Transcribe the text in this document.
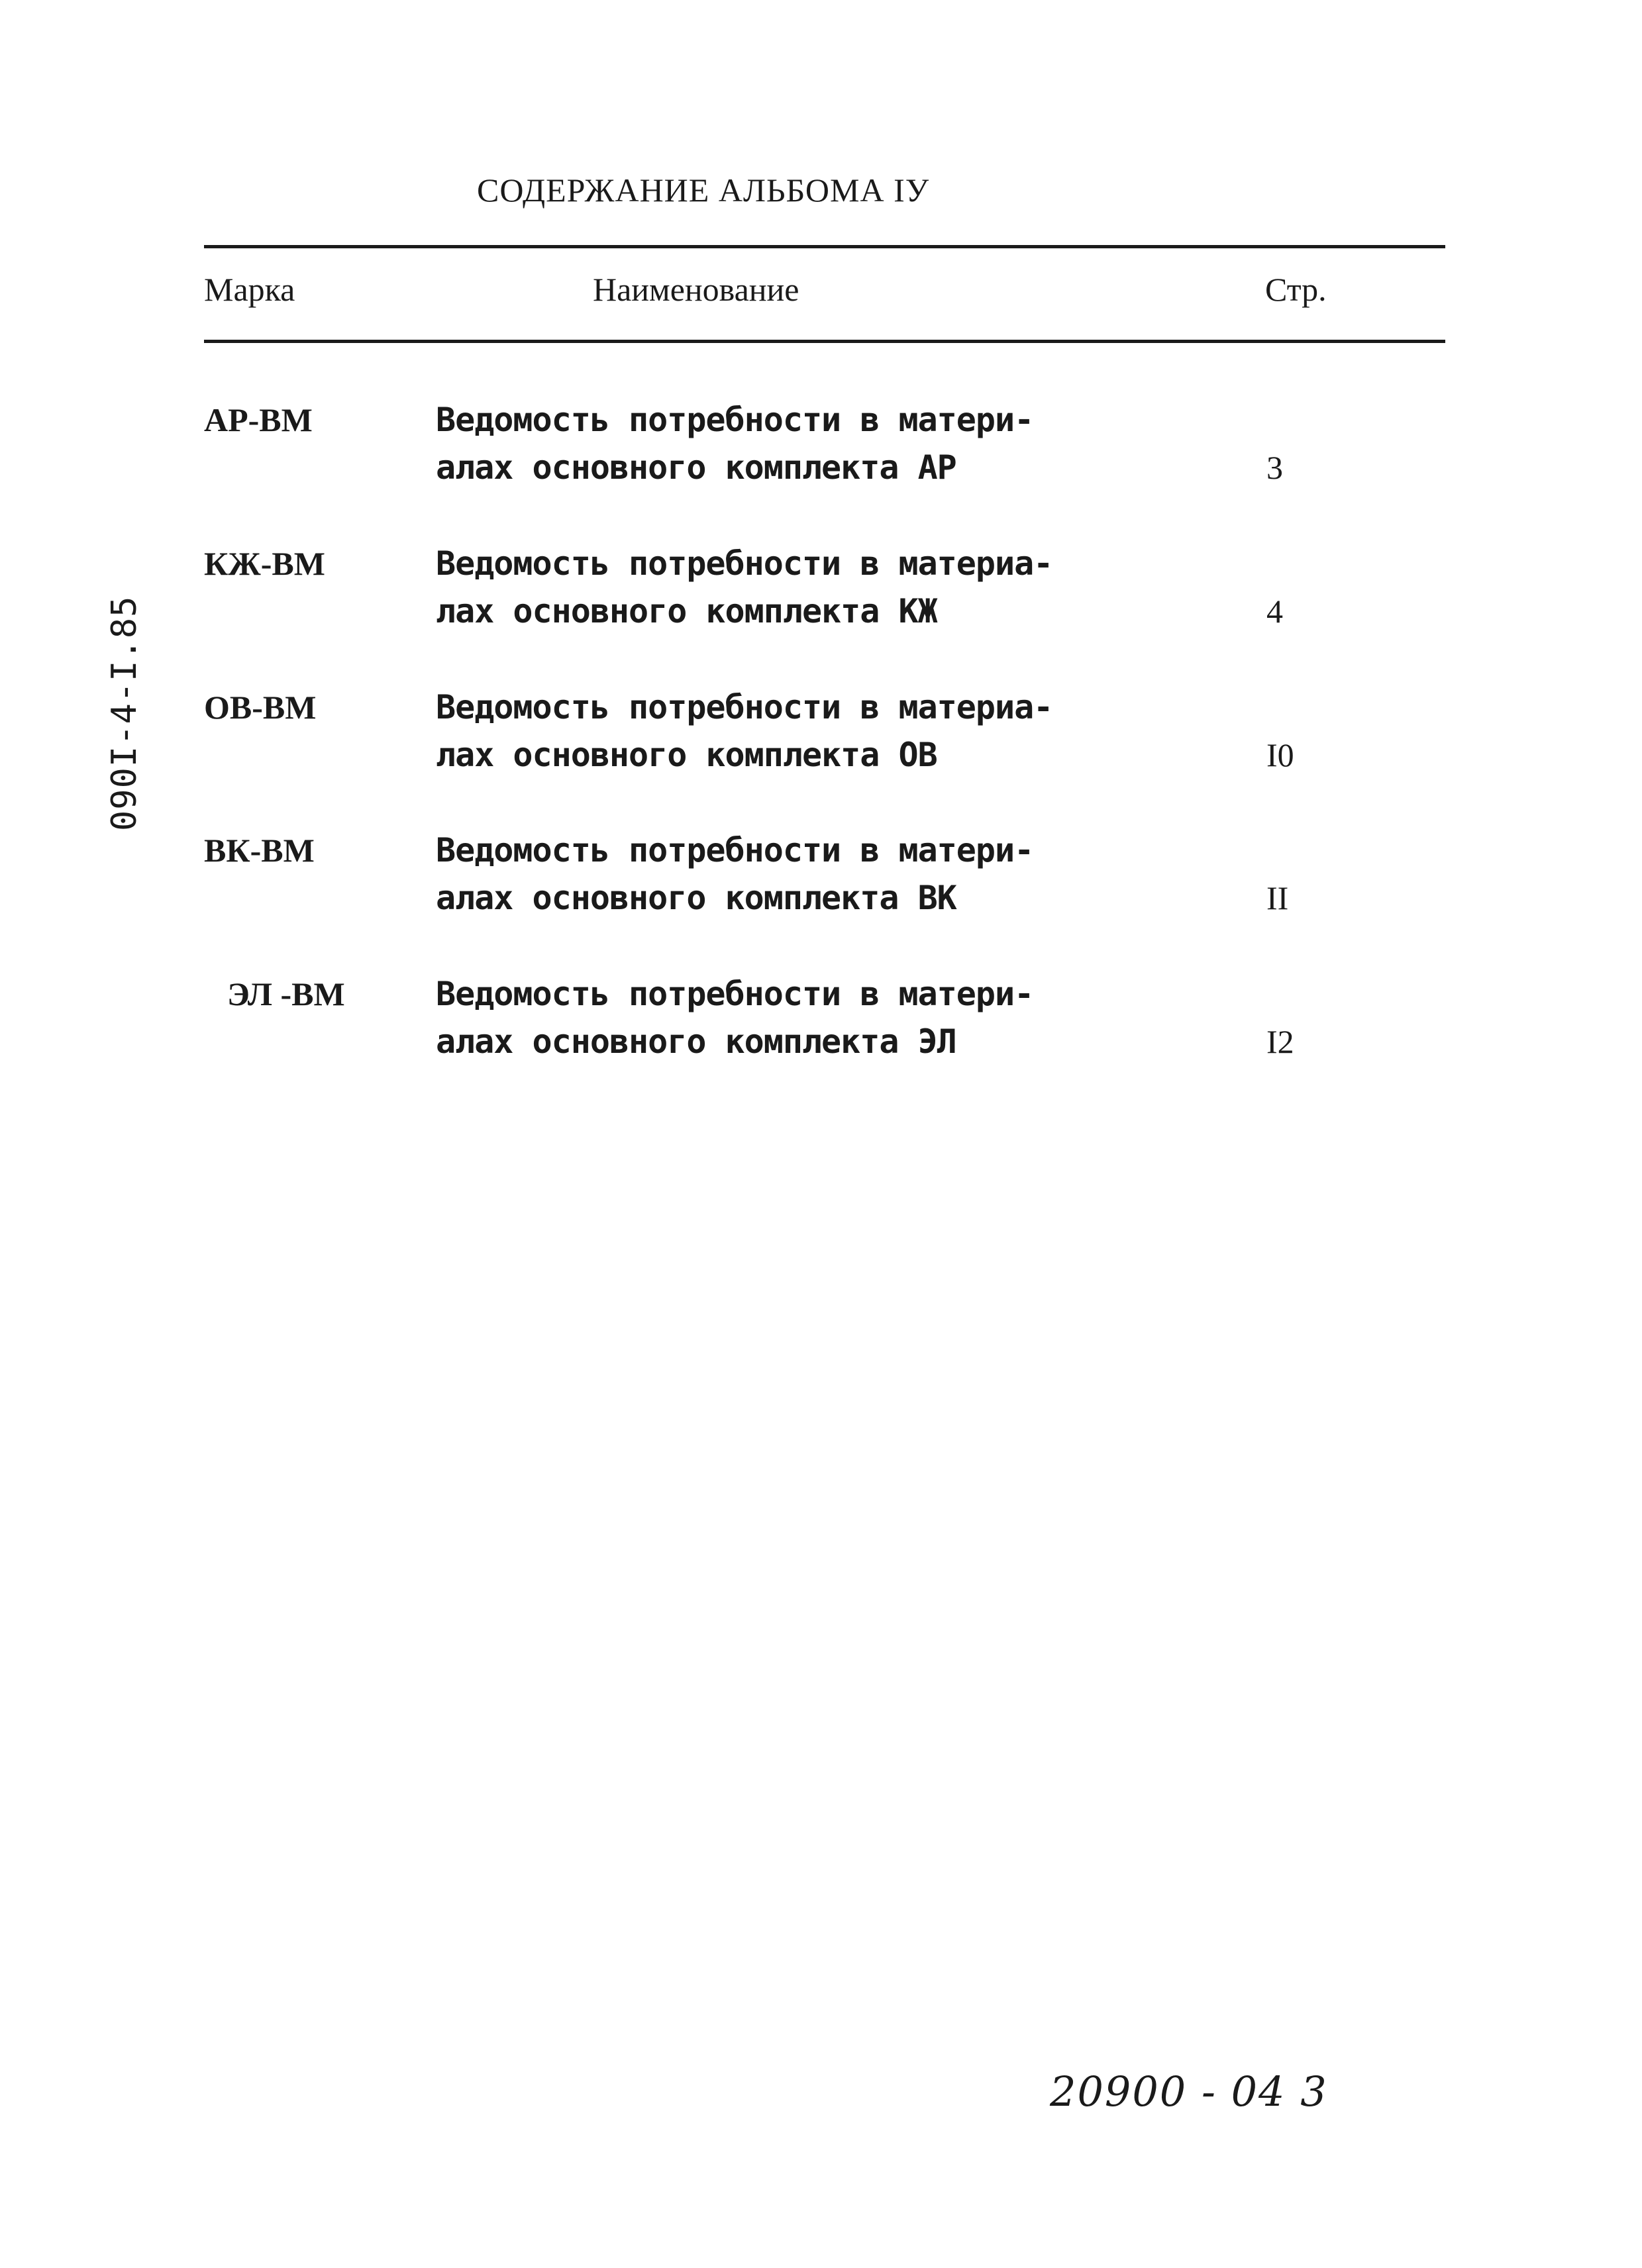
СОДЕРЖАНИЕ АЛЬБОМА IУ
Марка	Наименование	Стр.
АР-ВМ	Ведомость потребности в матери-
алах основного комплекта АР	3
КЖ-ВМ	Ведомость потребности в материа-
лах основного комплекта КЖ	4
ОВ-ВМ	Ведомость потребности в материа-
лах основного комплекта ОВ	I0
ВК-ВМ	Ведомость потребности в матери-
алах основного комплекта ВК	II
ЭЛ -ВМ	Ведомость потребности в матери-
алах основного комплекта ЭЛ	I2
090I-4-I.85
20900 - 04 3
